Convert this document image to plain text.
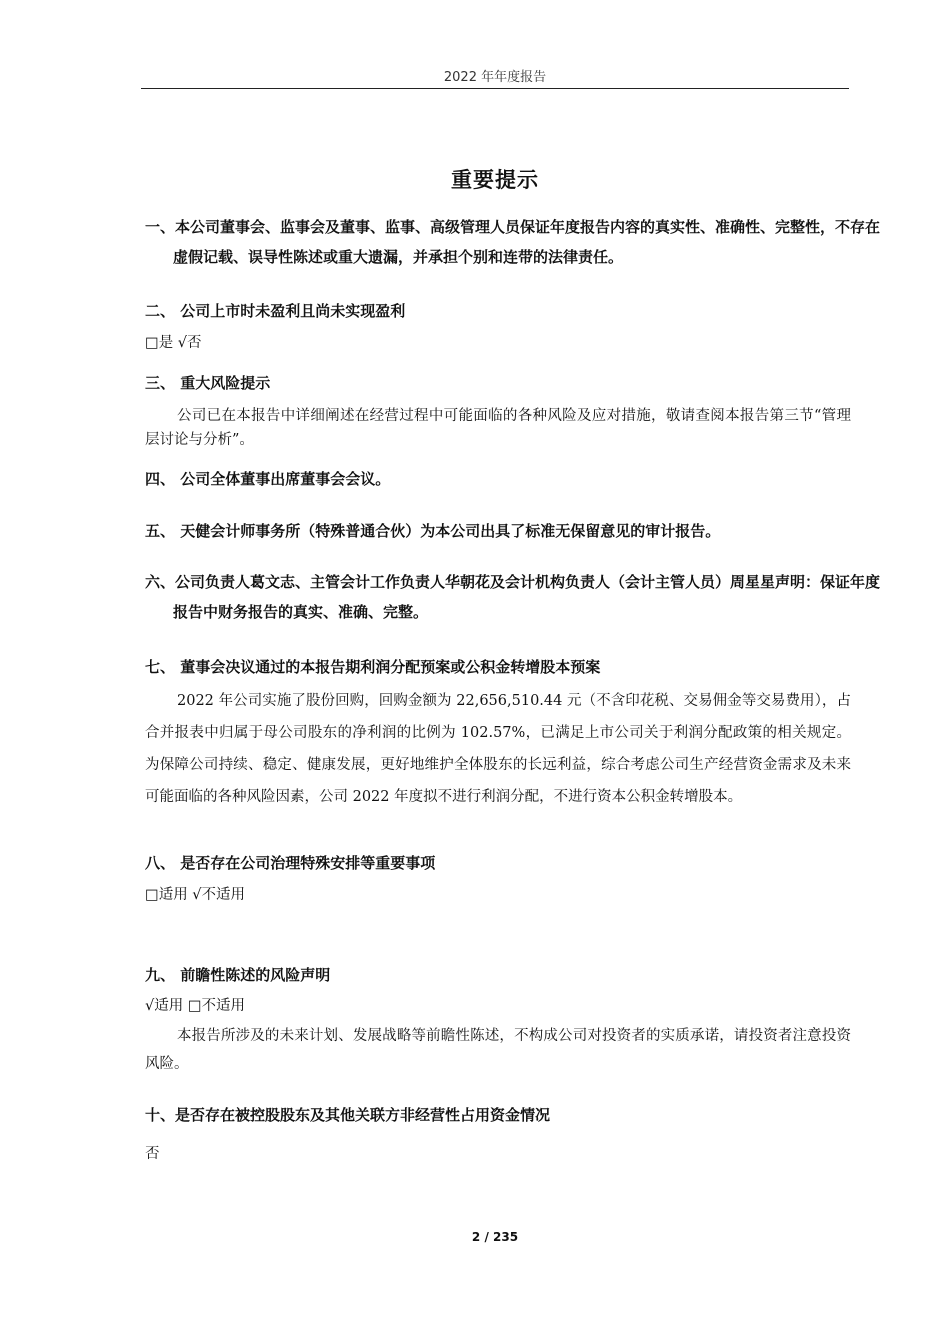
2022 年年度报告
重要提示
一、本公司董事会、监事会及董事、监事、高级管理人员保证年度报告内容的真实性、准确性、完整性，不存在虚假记载、误导性陈述或重大遗漏，并承担个别和连带的法律责任。
二、 公司上市时未盈利且尚未实现盈利
□是 √否
三、 重大风险提示
公司已在本报告中详细阐述在经营过程中可能面临的各种风险及应对措施，敬请查阅本报告第三节“管理层讨论与分析”。
四、 公司全体董事出席董事会会议。
五、 天健会计师事务所（特殊普通合伙）为本公司出具了标准无保留意见的审计报告。
六、公司负责人葛文志、主管会计工作负责人华朝花及会计机构负责人（会计主管人员）周星星声明：保证年度报告中财务报告的真实、准确、完整。
七、 董事会决议通过的本报告期利润分配预案或公积金转增股本预案
2022 年公司实施了股份回购，回购金额为 22,656,510.44 元（不含印花税、交易佣金等交易费用），占合并报表中归属于母公司股东的净利润的比例为 102.57%，已满足上市公司关于利润分配政策的相关规定。为保障公司持续、稳定、健康发展，更好地维护全体股东的长远利益，综合考虑公司生产经营资金需求及未来可能面临的各种风险因素，公司 2022 年度拟不进行利润分配，不进行资本公积金转增股本。
八、 是否存在公司治理特殊安排等重要事项
□适用 √不适用
九、 前瞻性陈述的风险声明
√适用 □不适用
本报告所涉及的未来计划、发展战略等前瞻性陈述，不构成公司对投资者的实质承诺，请投资者注意投资风险。
十、是否存在被控股股东及其他关联方非经营性占用资金情况
否
2 / 235
